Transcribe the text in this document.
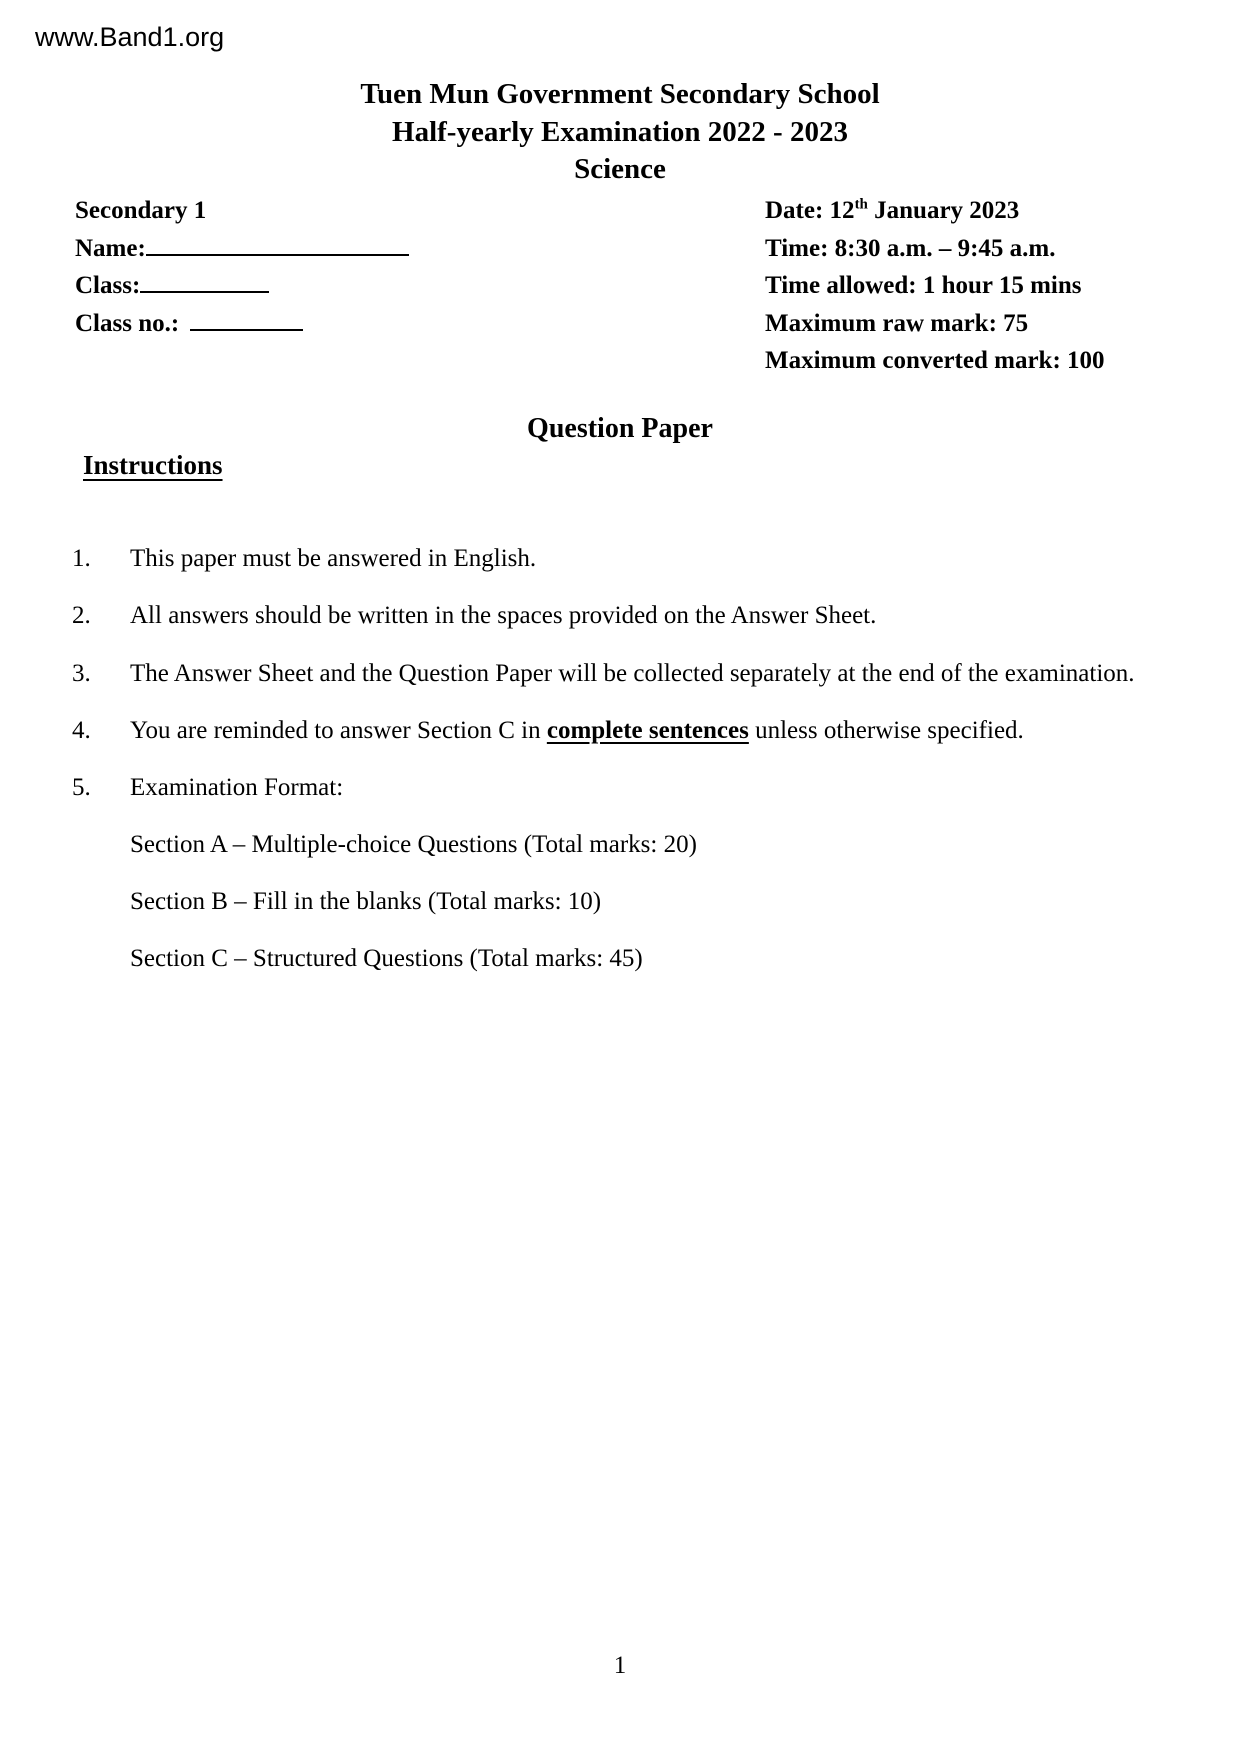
www.Band1.org
Tuen Mun Government Secondary School
Half-yearly Examination 2022 - 2023
Science
Secondary 1
Name:
Class:
Class no.:
Date: 12th January 2023
Time: 8:30 a.m. – 9:45 a.m.
Time allowed: 1 hour 15 mins
Maximum raw mark: 75
Maximum converted mark: 100
Question Paper
Instructions
1. This paper must be answered in English.
2. All answers should be written in the spaces provided on the Answer Sheet.
3. The Answer Sheet and the Question Paper will be collected separately at the end of the examination.
4. You are reminded to answer Section C in complete sentences unless otherwise specified.
5. Examination Format:
Section A – Multiple-choice Questions (Total marks: 20)
Section B – Fill in the blanks (Total marks: 10)
Section C – Structured Questions (Total marks: 45)
1
